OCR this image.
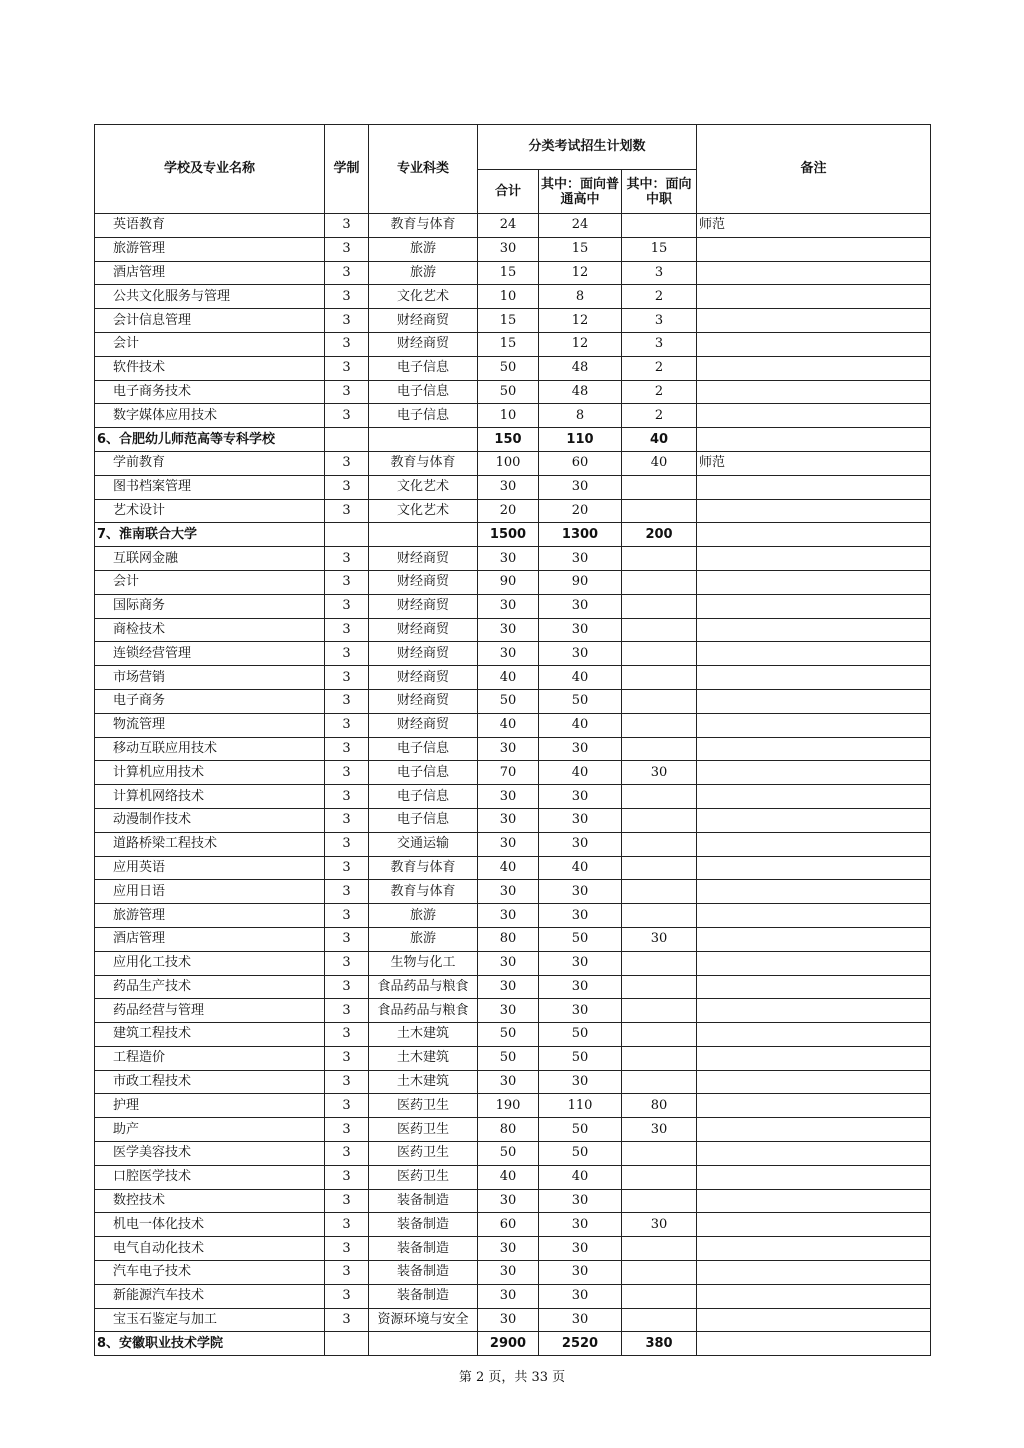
学校及专业名称	学制	专业科类	分类考试招生计划数			备注
			合计	其中：面向普通高中	其中：面向中职	
英语教育	3	教育与体育	24	24		师范
旅游管理	3	旅游	30	15	15	
酒店管理	3	旅游	15	12	3	
公共文化服务与管理	3	文化艺术	10	8	2	
会计信息管理	3	财经商贸	15	12	3	
会计	3	财经商贸	15	12	3	
软件技术	3	电子信息	50	48	2	
电子商务技术	3	电子信息	50	48	2	
数字媒体应用技术	3	电子信息	10	8	2	
6、合肥幼儿师范高等专科学校			150	110	40	
学前教育	3	教育与体育	100	60	40	师范
图书档案管理	3	文化艺术	30	30		
艺术设计	3	文化艺术	20	20		
7、淮南联合大学			1500	1300	200	
互联网金融	3	财经商贸	30	30		
会计	3	财经商贸	90	90		
国际商务	3	财经商贸	30	30		
商检技术	3	财经商贸	30	30		
连锁经营管理	3	财经商贸	30	30		
市场营销	3	财经商贸	40	40		
电子商务	3	财经商贸	50	50		
物流管理	3	财经商贸	40	40		
移动互联应用技术	3	电子信息	30	30		
计算机应用技术	3	电子信息	70	40	30	
计算机网络技术	3	电子信息	30	30		
动漫制作技术	3	电子信息	30	30		
道路桥梁工程技术	3	交通运输	30	30		
应用英语	3	教育与体育	40	40		
应用日语	3	教育与体育	30	30		
旅游管理	3	旅游	30	30		
酒店管理	3	旅游	80	50	30	
应用化工技术	3	生物与化工	30	30		
药品生产技术	3	食品药品与粮食	30	30		
药品经营与管理	3	食品药品与粮食	30	30		
建筑工程技术	3	土木建筑	50	50		
工程造价	3	土木建筑	50	50		
市政工程技术	3	土木建筑	30	30		
护理	3	医药卫生	190	110	80	
助产	3	医药卫生	80	50	30	
医学美容技术	3	医药卫生	50	50		
口腔医学技术	3	医药卫生	40	40		
数控技术	3	装备制造	30	30		
机电一体化技术	3	装备制造	60	30	30	
电气自动化技术	3	装备制造	30	30		
汽车电子技术	3	装备制造	30	30		
新能源汽车技术	3	装备制造	30	30		
宝玉石鉴定与加工	3	资源环境与安全	30	30		
8、安徽职业技术学院			2900	2520	380	
第 2 页，共 33 页
